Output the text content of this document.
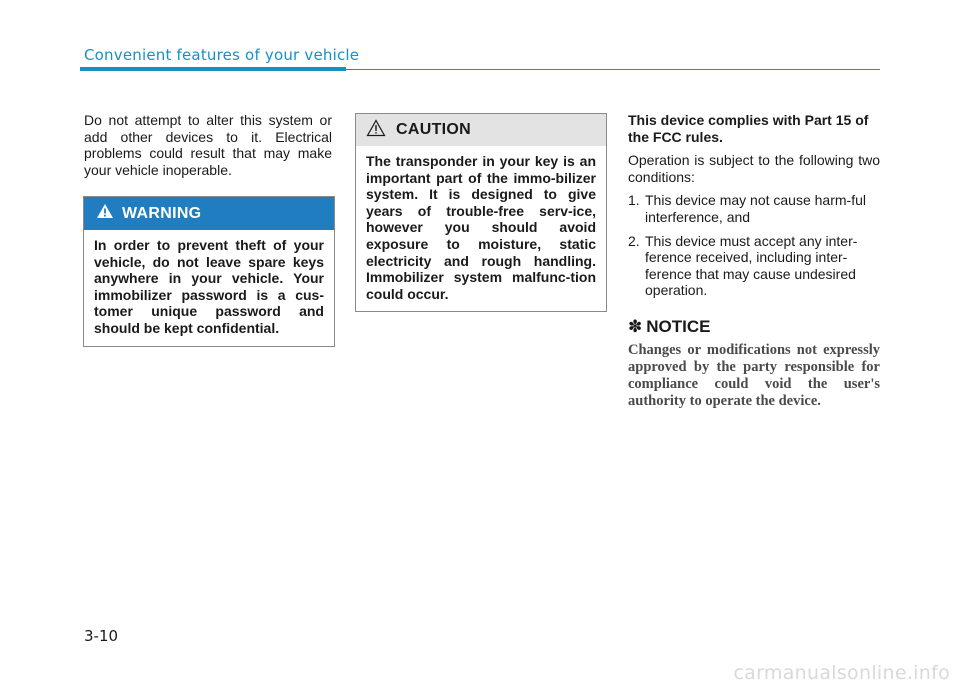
Convenient features of your vehicle
Do not attempt to alter this system or add other devices to it. Electrical problems could result that may make your vehicle inoperable.
WARNING
In order to prevent theft of your vehicle, do not leave spare keys anywhere in your vehicle. Your immobilizer password is a cus-tomer unique password and should be kept confidential.
CAUTION
The transponder in your key is an important part of the immo-bilizer system. It is designed to give years of trouble-free serv-ice, however you should avoid exposure to moisture, static electricity and rough handling. Immobilizer system malfunc-tion could occur.
This device complies with Part 15 of the FCC rules.

Operation is subject to the following two conditions:

1. This device may not cause harm-ful interference, and
2. This device must accept any inter-ference received, including inter-ference that may cause undesired operation.
✽ NOTICE
Changes or modifications not expressly approved by the party responsible for compliance could void the user's authority to operate the device.
3-10
carmanualsonline.info
